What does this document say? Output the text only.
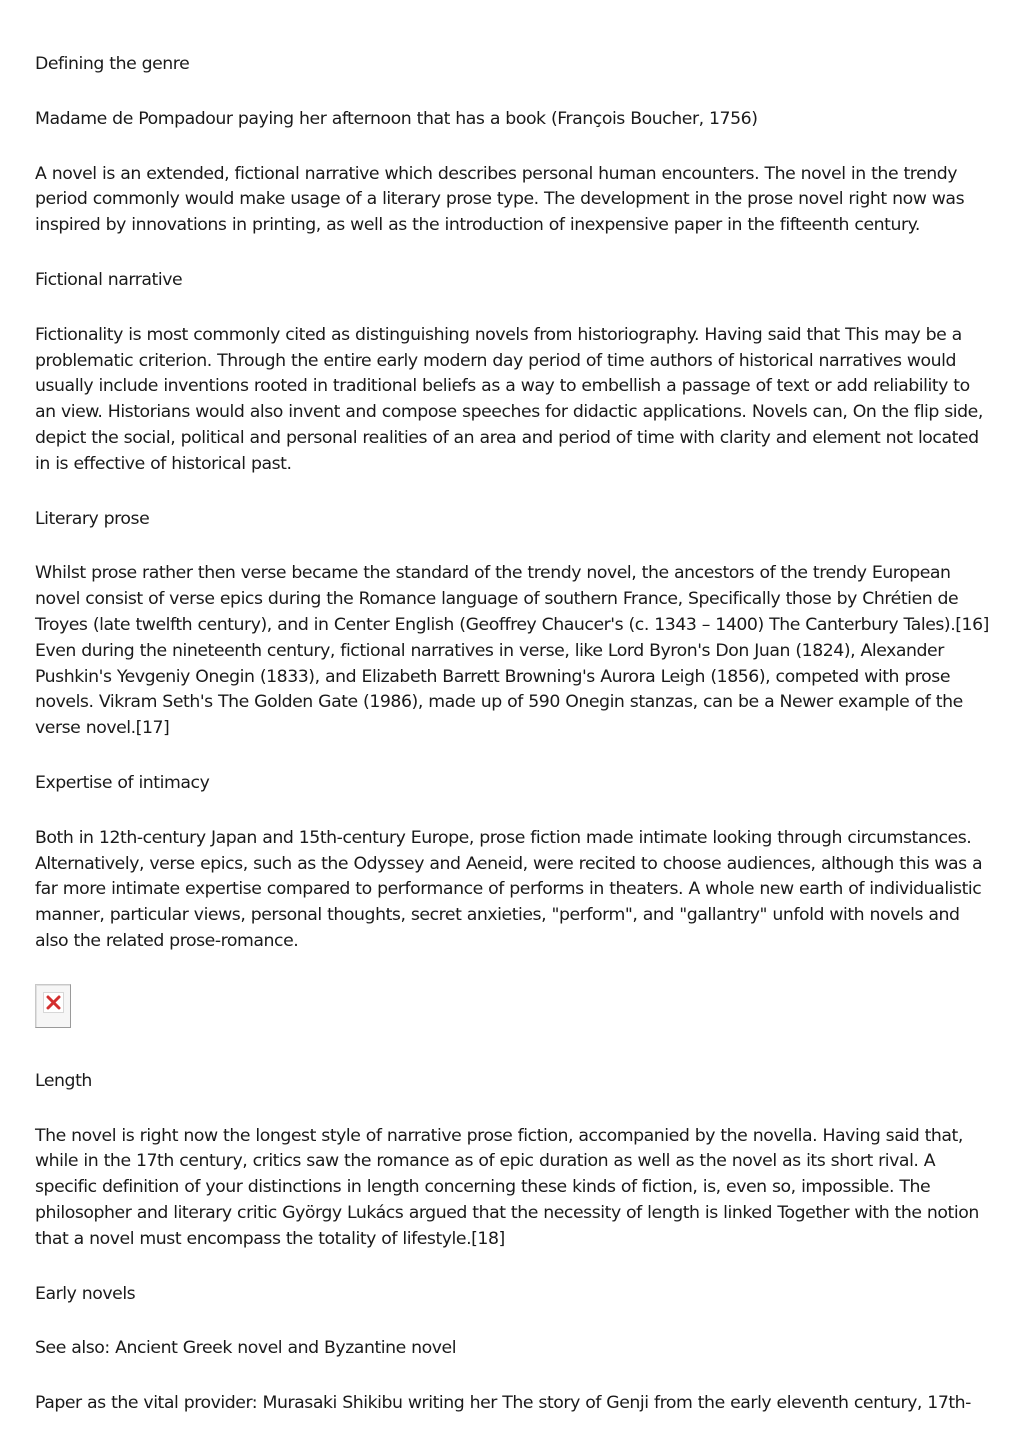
Defining the genre

Madame de Pompadour paying her afternoon that has a book (François Boucher, 1756)

A novel is an extended, fictional narrative which describes personal human encounters. The novel in the trendy period commonly would make usage of a literary prose type. The development in the prose novel right now was inspired by innovations in printing, as well as the introduction of inexpensive paper in the fifteenth century.

Fictional narrative

Fictionality is most commonly cited as distinguishing novels from historiography. Having said that This may be a problematic criterion. Through the entire early modern day period of time authors of historical narratives would usually include inventions rooted in traditional beliefs as a way to embellish a passage of text or add reliability to an view. Historians would also invent and compose speeches for didactic applications. Novels can, On the flip side, depict the social, political and personal realities of an area and period of time with clarity and element not located in is effective of historical past.

Literary prose

Whilst prose rather then verse became the standard of the trendy novel, the ancestors of the trendy European novel consist of verse epics during the Romance language of southern France, Specifically those by Chrétien de Troyes (late twelfth century), and in Center English (Geoffrey Chaucer's (c. 1343 – 1400) The Canterbury Tales).[16] Even during the nineteenth century, fictional narratives in verse, like Lord Byron's Don Juan (1824), Alexander Pushkin's Yevgeniy Onegin (1833), and Elizabeth Barrett Browning's Aurora Leigh (1856), competed with prose novels. Vikram Seth's The Golden Gate (1986), made up of 590 Onegin stanzas, can be a Newer example of the verse novel.[17]

Expertise of intimacy

Both in 12th-century Japan and 15th-century Europe, prose fiction made intimate looking through circumstances. Alternatively, verse epics, such as the Odyssey and Aeneid, were recited to choose audiences, although this was a far more intimate expertise compared to performance of performs in theaters. A whole new earth of individualistic manner, particular views, personal thoughts, secret anxieties, "perform", and "gallantry" unfold with novels and also the related prose-romance.

Length

The novel is right now the longest style of narrative prose fiction, accompanied by the novella. Having said that, while in the 17th century, critics saw the romance as of epic duration as well as the novel as its short rival. A specific definition of your distinctions in length concerning these kinds of fiction, is, even so, impossible. The philosopher and literary critic György Lukács argued that the necessity of length is linked Together with the notion that a novel must encompass the totality of lifestyle.[18]

Early novels

See also: Ancient Greek novel and Byzantine novel

Paper as the vital provider: Murasaki Shikibu writing her The story of Genji from the early eleventh century, 17th-
